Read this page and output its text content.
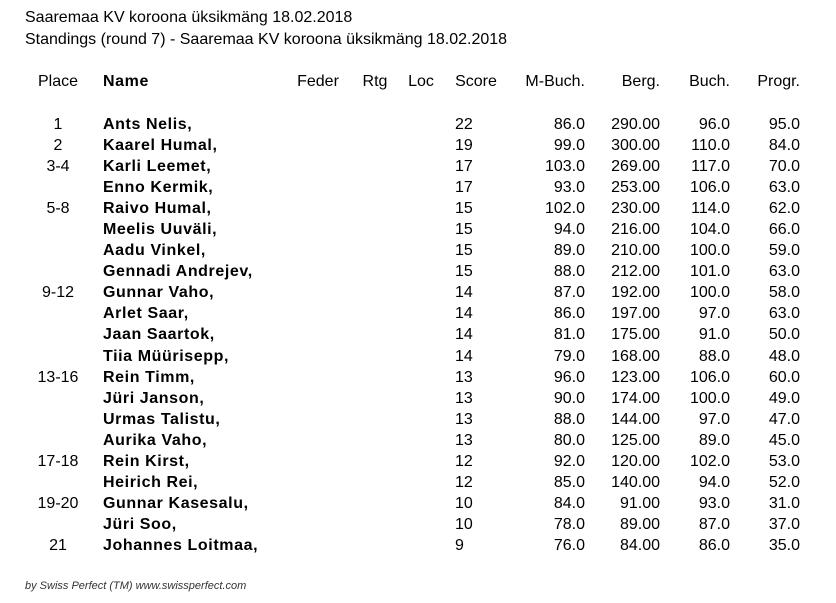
Saaremaa KV koroona üksikmäng 18.02.2018
Standings (round 7) - Saaremaa KV koroona üksikmäng 18.02.2018
Place		Name	Feder	Rtg	Loc	Score	M-Buch.	Berg.	Buch.	Progr.

1		Ants Nelis,				22	86.0	290.00	96.0	95.0
2		Kaarel Humal,				19	99.0	300.00	110.0	84.0
3-4		Karli Leemet,				17	103.0	269.00	117.0	70.0
		Enno Kermik,				17	93.0	253.00	106.0	63.0
5-8		Raivo Humal,				15	102.0	230.00	114.0	62.0
		Meelis Uuväli,				15	94.0	216.00	104.0	66.0
		Aadu Vinkel,				15	89.0	210.00	100.0	59.0
		Gennadi Andrejev,				15	88.0	212.00	101.0	63.0
9-12		Gunnar Vaho,				14	87.0	192.00	100.0	58.0
		Arlet Saar,				14	86.0	197.00	97.0	63.0
		Jaan Saartok,				14	81.0	175.00	91.0	50.0
		Tiia Müürisepp,				14	79.0	168.00	88.0	48.0
13-16		Rein Timm,				13	96.0	123.00	106.0	60.0
		Jüri Janson,				13	90.0	174.00	100.0	49.0
		Urmas Talistu,				13	88.0	144.00	97.0	47.0
		Aurika Vaho,				13	80.0	125.00	89.0	45.0
17-18		Rein Kirst,				12	92.0	120.00	102.0	53.0
		Heirich Rei,				12	85.0	140.00	94.0	52.0
19-20		Gunnar Kasesalu,				10	84.0	91.00	93.0	31.0
		Jüri Soo,				10	78.0	89.00	87.0	37.0
21		Johannes Loitmaa,				9	76.0	84.00	86.0	35.0
by Swiss Perfect (TM) www.swissperfect.com
